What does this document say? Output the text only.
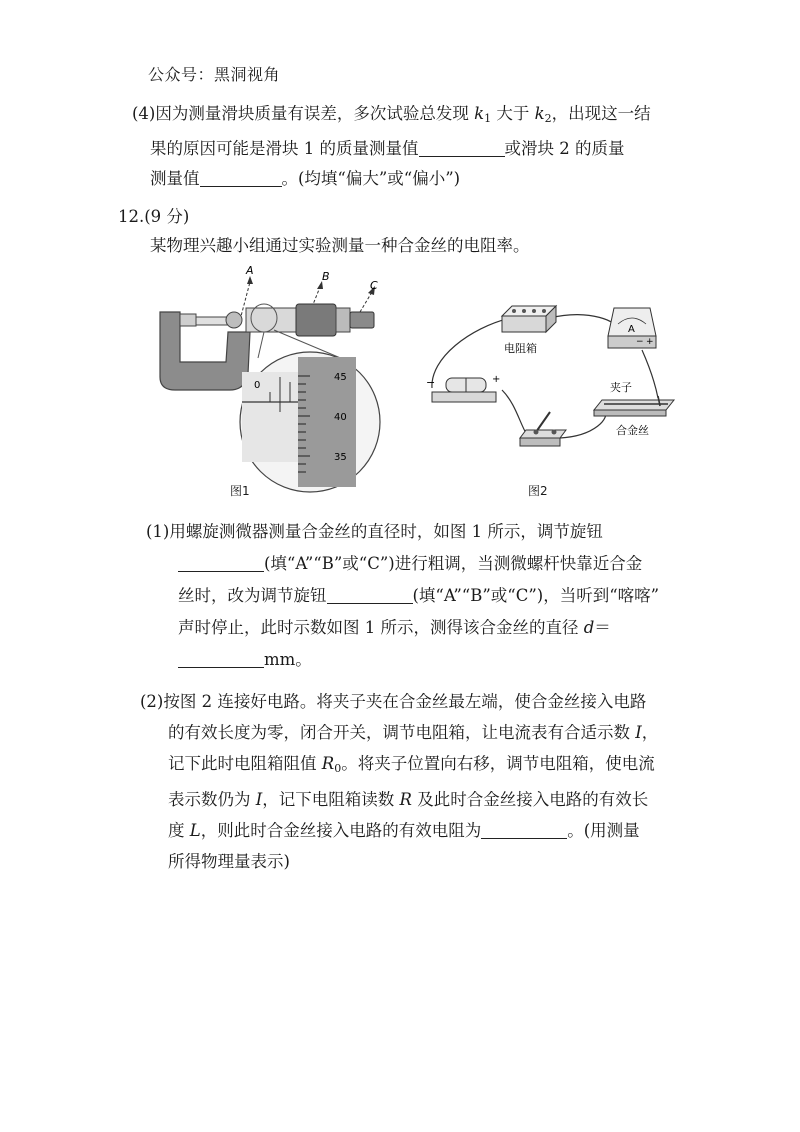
公众号：黑洞视角
(4)因为测量滑块质量有误差，多次试验总发现 $k_1$ 大于 $k_2$，出现这一结
果的原因可能是滑块 1 的质量测量值	或滑块 2 的质量
测量值	。(均填“偏大”或“偏小”)
12.(9 分)
某物理兴趣小组通过实验测量一种合金丝的电阻率。
A	B
C
0
45
40
35
图1
电阻箱
A
− +
−	+
夹子
合金丝
图2
(1)用螺旋测微器测量合金丝的直径时，如图 1 所示，调节旋钮
(填“A”“B”或“C”)进行粗调，当测微螺杆快靠近合金
丝时，改为调节旋钮	(填“A”“B”或“C”)，当听到“喀喀”
声时停止，此时示数如图 1 所示，测得该合金丝的直径 d＝
mm。
(2)按图 2 连接好电路。将夹子夹在合金丝最左端，使合金丝接入电路
的有效长度为零，闭合开关，调节电阻箱，让电流表有合适示数 I，
记下此时电阻箱阻值 $R_0$。将夹子位置向右移，调节电阻箱，使电流
表示数仍为 I，记下电阻箱读数 R 及此时合金丝接入电路的有效长
度 L，则此时合金丝接入电路的有效电阻为	。(用测量
所得物理量表示)
